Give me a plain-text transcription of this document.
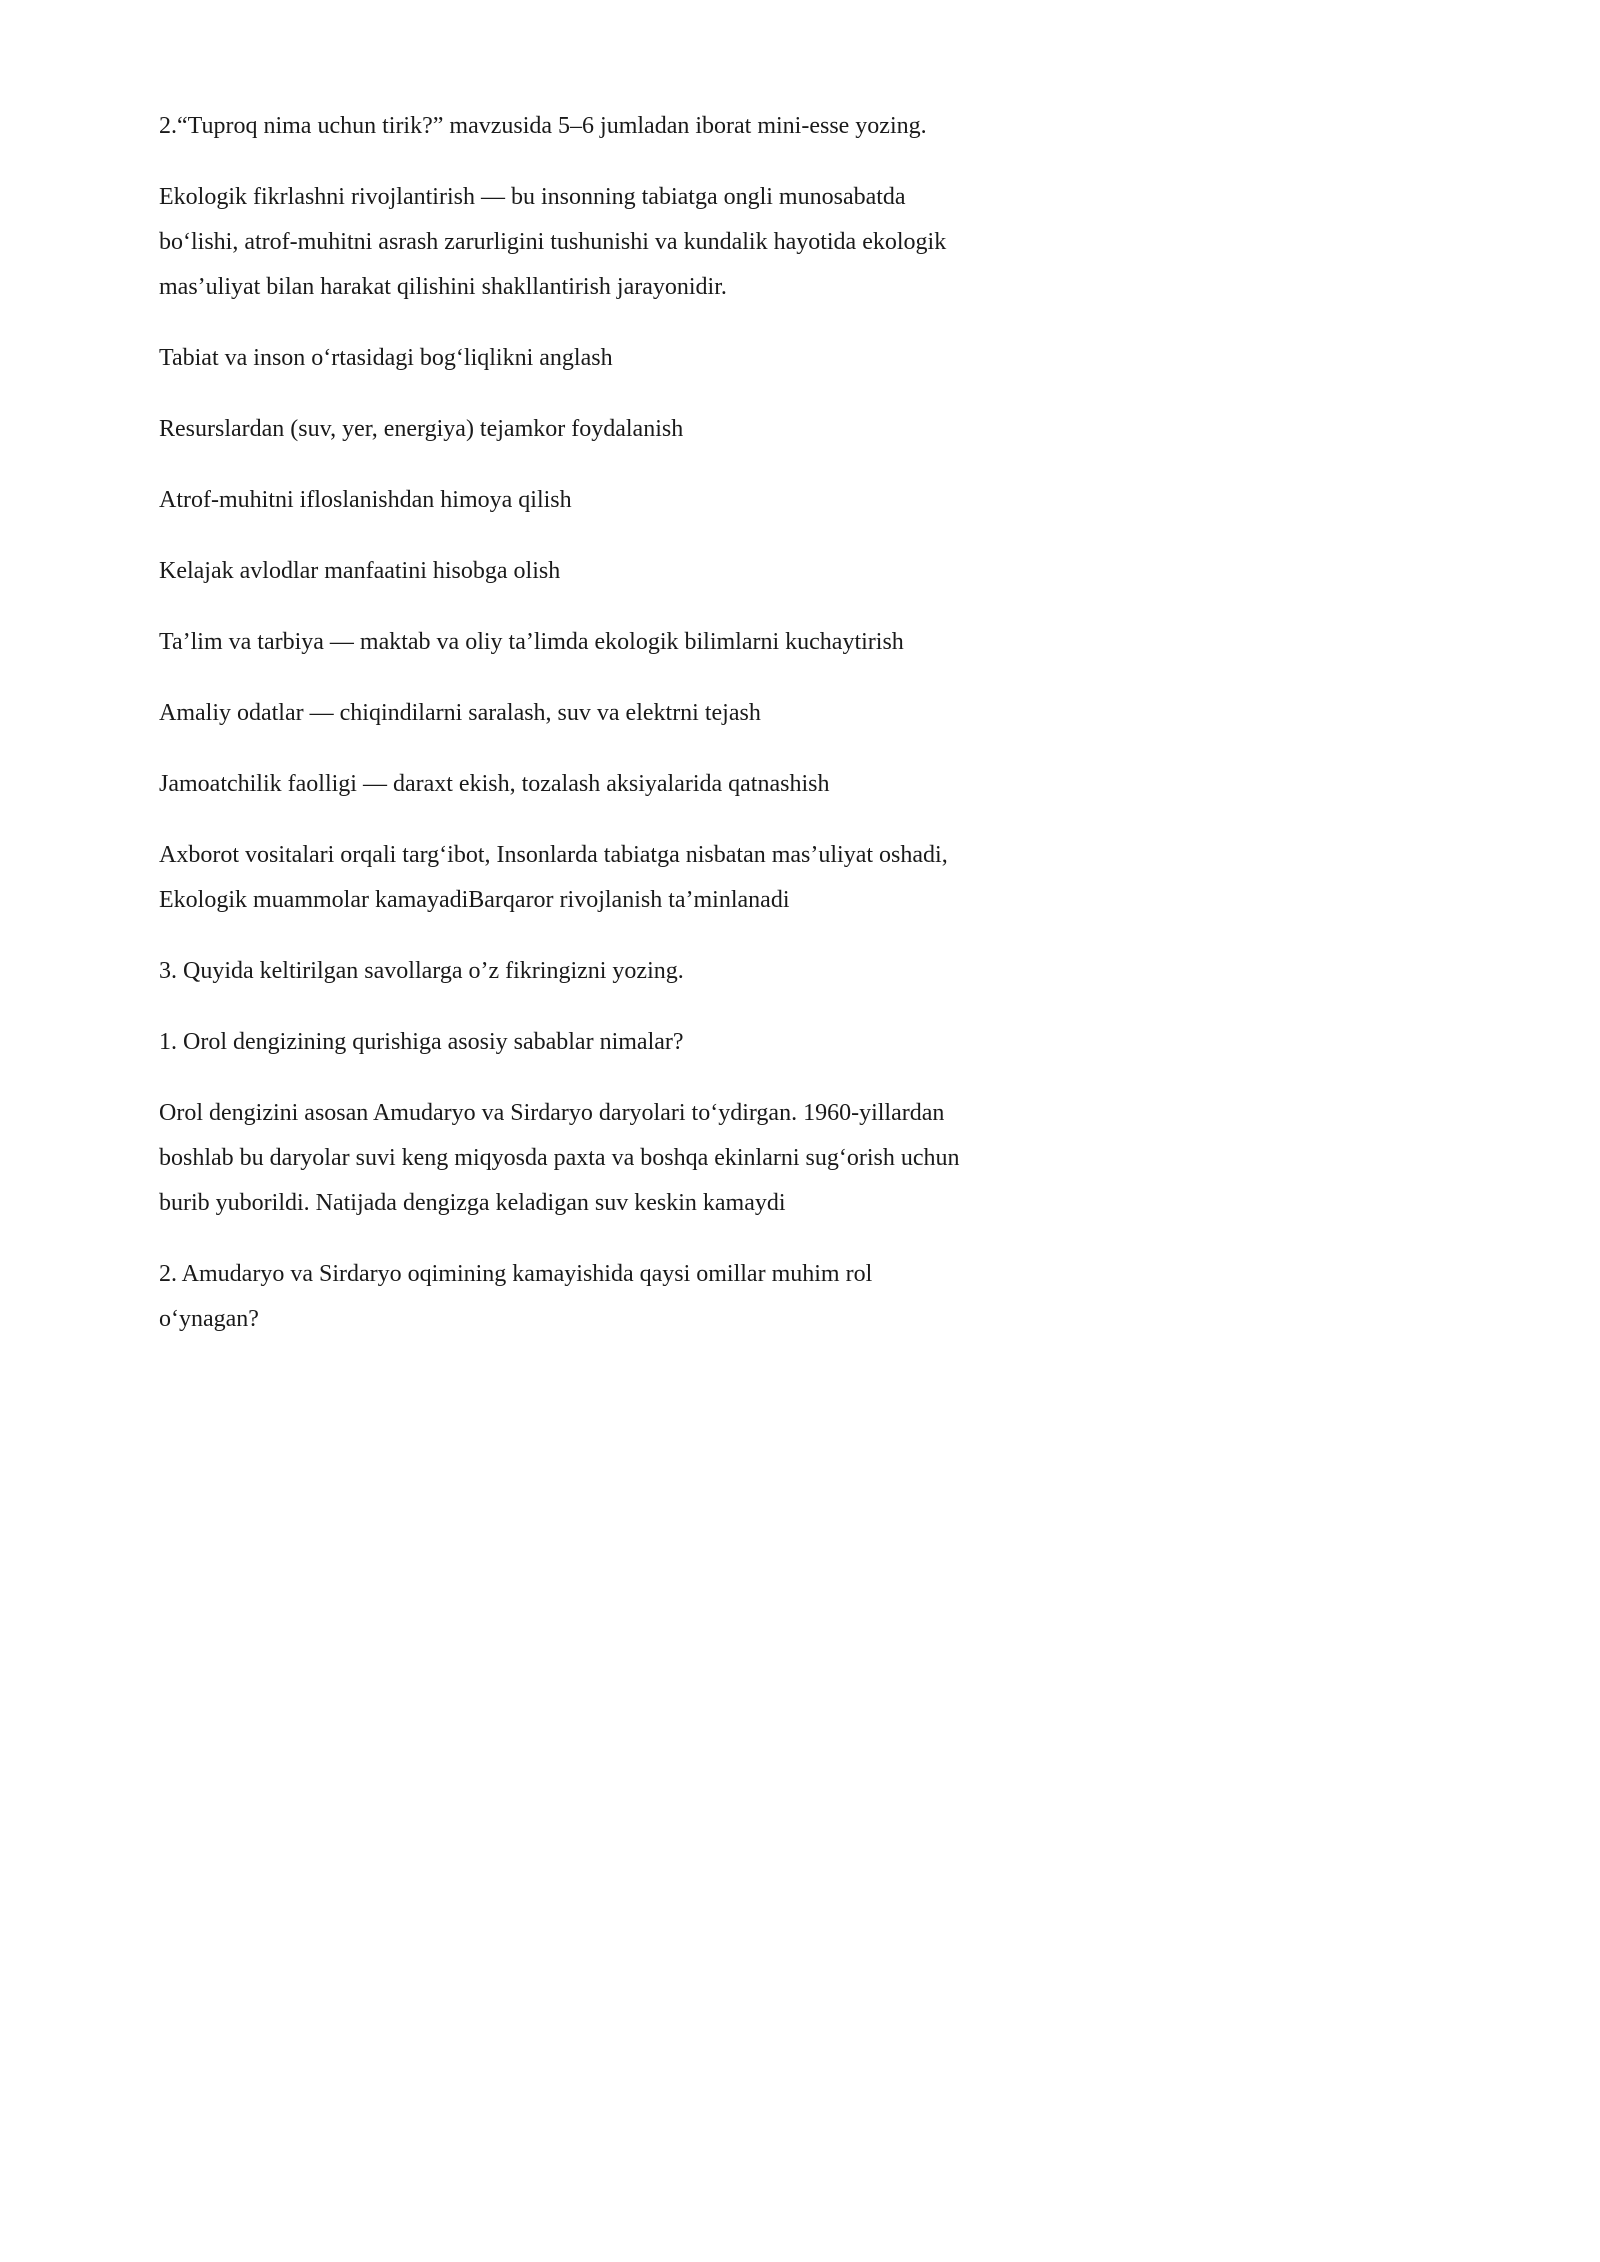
2.“Tuproq nima uchun tirik?” mavzusida 5–6 jumladan iborat mini-esse yozing.

Ekologik fikrlashni rivojlantirish — bu insonning tabiatga ongli munosabatda
bo‘lishi, atrof-muhitni asrash zarurligini tushunishi va kundalik hayotida ekologik
mas’uliyat bilan harakat qilishini shakllantirish jarayonidir.

Tabiat va inson o‘rtasidagi bog‘liqlikni anglash

Resurslardan (suv, yer, energiya) tejamkor foydalanish

Atrof-muhitni ifloslanishdan himoya qilish

Kelajak avlodlar manfaatini hisobga olish

Ta’lim va tarbiya — maktab va oliy ta’limda ekologik bilimlarni kuchaytirish

Amaliy odatlar — chiqindilarni saralash, suv va elektrni tejash

Jamoatchilik faolligi — daraxt ekish, tozalash aksiyalarida qatnashish

Axborot vositalari orqali targ‘ibot, Insonlarda tabiatga nisbatan mas’uliyat oshadi,
Ekologik muammolar kamayadiBarqaror rivojlanish ta’minlanadi

3. Quyida keltirilgan savollarga o’z fikringizni yozing.

1. Orol dengizining qurishiga asosiy sabablar nimalar?

Orol dengizini asosan Amudaryo va Sirdaryo daryolari to‘ydirgan. 1960-yillardan
boshlab bu daryolar suvi keng miqyosda paxta va boshqa ekinlarni sug‘orish uchun
burib yuborildi. Natijada dengizga keladigan suv keskin kamaydi

2. Amudaryo va Sirdaryo oqimining kamayishida qaysi omillar muhim rol
o‘ynagan?
